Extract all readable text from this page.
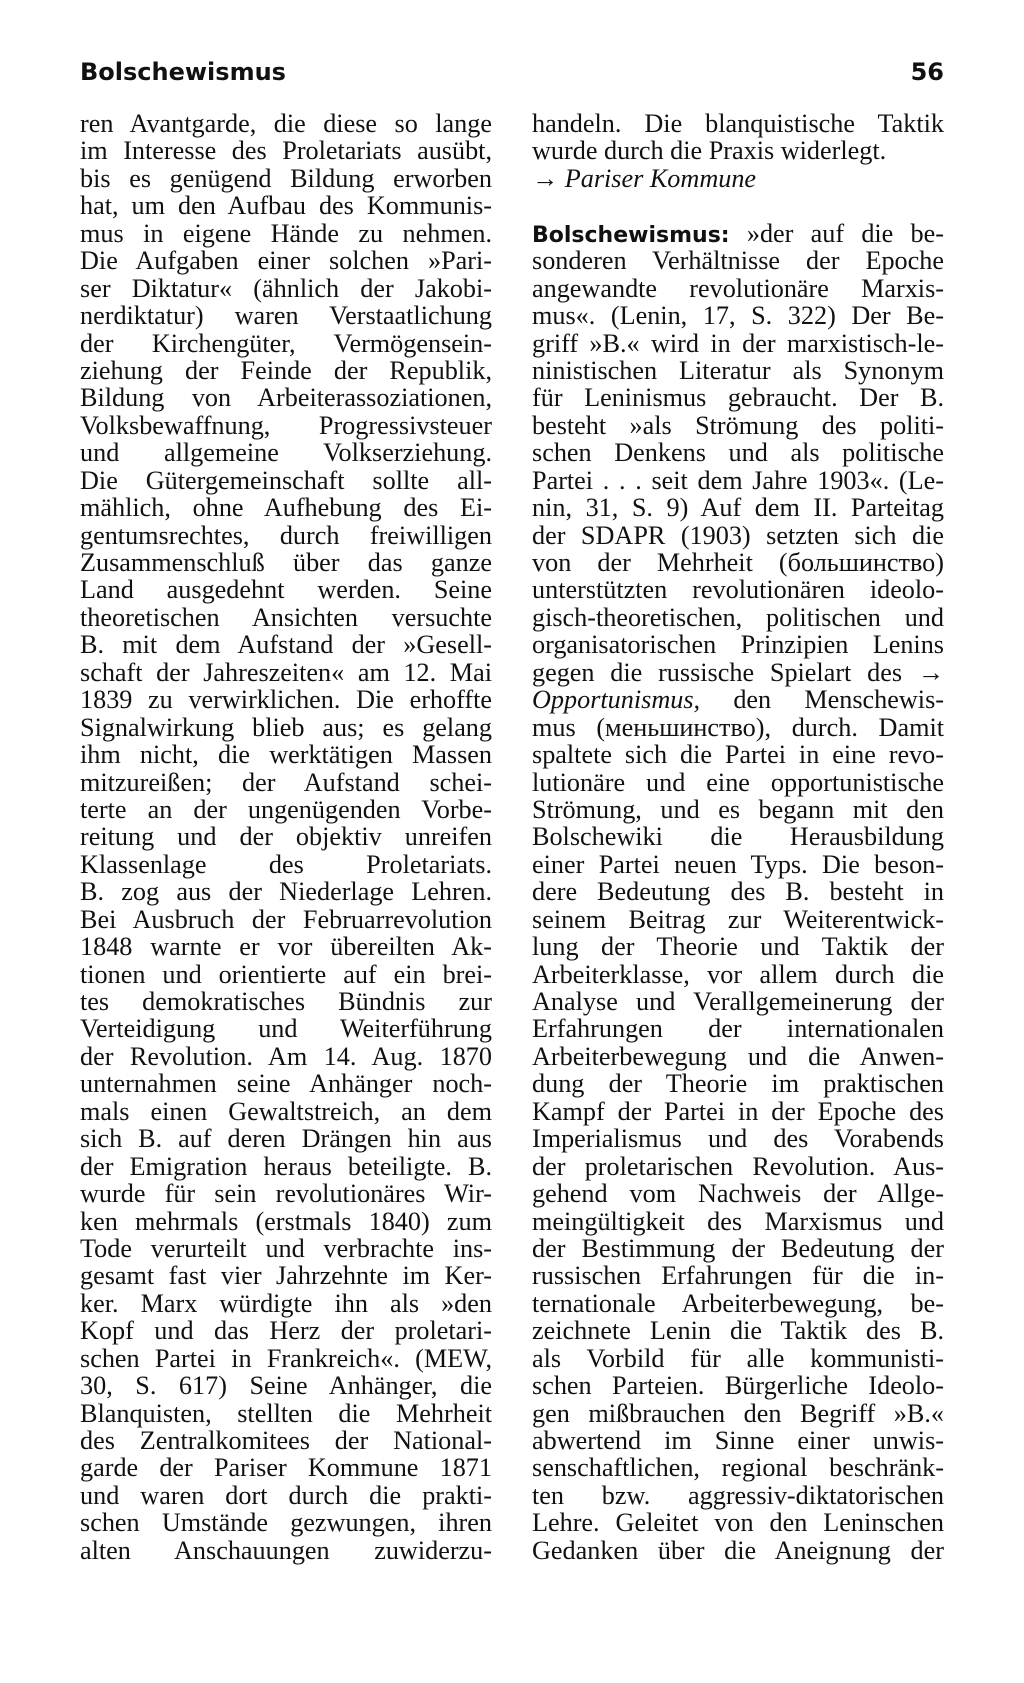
Bolschewismus	56
ren Avantgarde, die diese so lange
im Interesse des Proletariats ausübt,
bis es genügend Bildung erworben
hat, um den Aufbau des Kommunis-
mus in eigene Hände zu nehmen.
Die Aufgaben einer solchen »Pari-
ser Diktatur« (ähnlich der Jakobi-
nerdiktatur) waren Verstaatlichung
der Kirchengüter, Vermögensein-
ziehung der Feinde der Republik,
Bildung von Arbeiterassoziationen,
Volksbewaffnung, Progressivsteuer
und allgemeine Volkserziehung.
Die Gütergemeinschaft sollte all-
mählich, ohne Aufhebung des Ei-
gentumsrechtes, durch freiwilligen
Zusammenschluß über das ganze
Land ausgedehnt werden. Seine
theoretischen Ansichten versuchte
B. mit dem Aufstand der »Gesell-
schaft der Jahreszeiten« am 12. Mai
1839 zu verwirklichen. Die erhoffte
Signalwirkung blieb aus; es gelang
ihm nicht, die werktätigen Massen
mitzureißen; der Aufstand schei-
terte an der ungenügenden Vorbe-
reitung und der objektiv unreifen
Klassenlage des Proletariats.
B. zog aus der Niederlage Lehren.
Bei Ausbruch der Februarrevolution
1848 warnte er vor übereilten Ak-
tionen und orientierte auf ein brei-
tes demokratisches Bündnis zur
Verteidigung und Weiterführung
der Revolution. Am 14. Aug. 1870
unternahmen seine Anhänger noch-
mals einen Gewaltstreich, an dem
sich B. auf deren Drängen hin aus
der Emigration heraus beteiligte. B.
wurde für sein revolutionäres Wir-
ken mehrmals (erstmals 1840) zum
Tode verurteilt und verbrachte ins-
gesamt fast vier Jahrzehnte im Ker-
ker. Marx würdigte ihn als »den
Kopf und das Herz der proletari-
schen Partei in Frankreich«. (MEW,
30, S. 617) Seine Anhänger, die
Blanquisten, stellten die Mehrheit
des Zentralkomitees der National-
garde der Pariser Kommune 1871
und waren dort durch die prakti-
schen Umstände gezwungen, ihren
alten Anschauungen zuwiderzu-
handeln. Die blanquistische Taktik
wurde durch die Praxis widerlegt.
→ Pariser Kommune
Bolschewismus: »der auf die be-
sonderen Verhältnisse der Epoche
angewandte revolutionäre Marxis-
mus«. (Lenin, 17, S. 322) Der Be-
griff »B.« wird in der marxistisch-le-
ninistischen Literatur als Synonym
für Leninismus gebraucht. Der B.
besteht »als Strömung des politi-
schen Denkens und als politische
Partei . . . seit dem Jahre 1903«. (Le-
nin, 31, S. 9) Auf dem II. Parteitag
der SDAPR (1903) setzten sich die
von der Mehrheit (большинство)
unterstützten revolutionären ideolo-
gisch-theoretischen, politischen und
organisatorischen Prinzipien Lenins
gegen die russische Spielart des →
Opportunismus, den Menschewis-
mus (меньшинство), durch. Damit
spaltete sich die Partei in eine revo-
lutionäre und eine opportunistische
Strömung, und es begann mit den
Bolschewiki die Herausbildung
einer Partei neuen Typs. Die beson-
dere Bedeutung des B. besteht in
seinem Beitrag zur Weiterentwick-
lung der Theorie und Taktik der
Arbeiterklasse, vor allem durch die
Analyse und Verallgemeinerung der
Erfahrungen der internationalen
Arbeiterbewegung und die Anwen-
dung der Theorie im praktischen
Kampf der Partei in der Epoche des
Imperialismus und des Vorabends
der proletarischen Revolution. Aus-
gehend vom Nachweis der Allge-
meingültigkeit des Marxismus und
der Bestimmung der Bedeutung der
russischen Erfahrungen für die in-
ternationale Arbeiterbewegung, be-
zeichnete Lenin die Taktik des B.
als Vorbild für alle kommunisti-
schen Parteien. Bürgerliche Ideolo-
gen mißbrauchen den Begriff »B.«
abwertend im Sinne einer unwis-
senschaftlichen, regional beschränk-
ten bzw. aggressiv-diktatorischen
Lehre. Geleitet von den Leninschen
Gedanken über die Aneignung der
